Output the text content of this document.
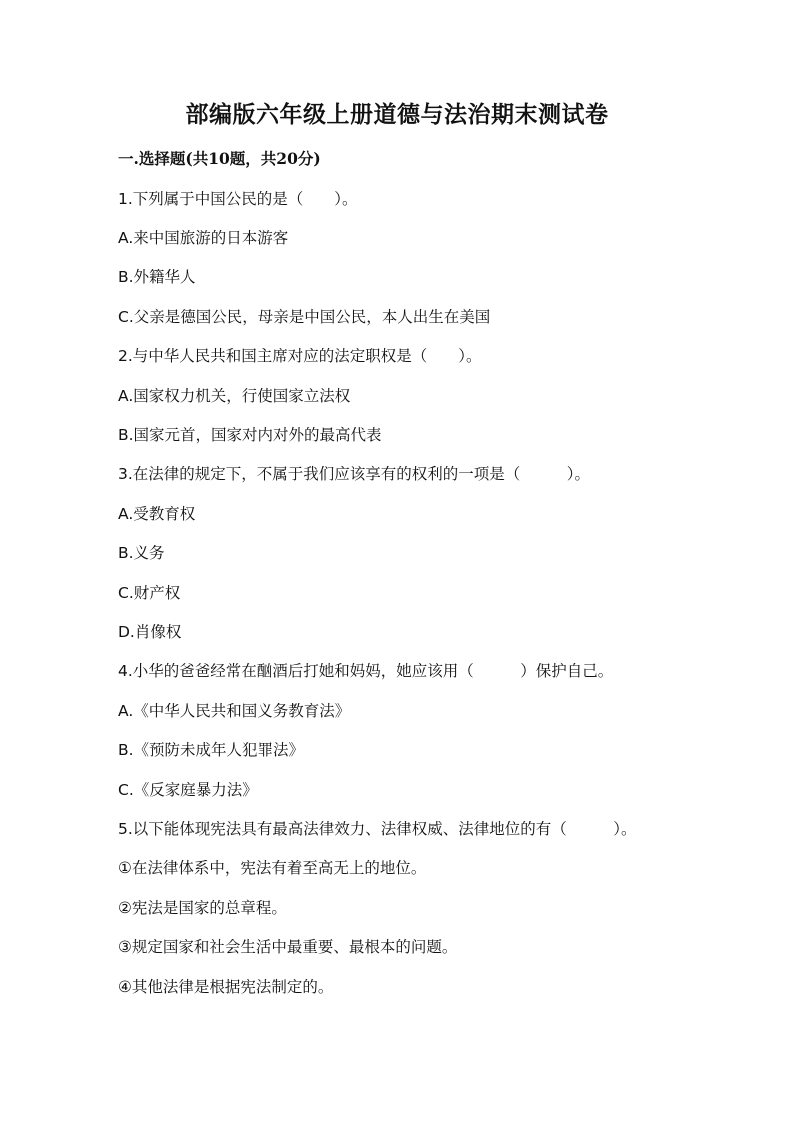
部编版六年级上册道德与法治期末测试卷
一.选择题(共10题，共20分)
1.下列属于中国公民的是（　　）。
A.来中国旅游的日本游客
B.外籍华人
C.父亲是德国公民，母亲是中国公民，本人出生在美国
2.与中华人民共和国主席对应的法定职权是（　　）。
A.国家权力机关，行使国家立法权
B.国家元首，国家对内对外的最高代表
3.在法律的规定下，不属于我们应该享有的权利的一项是（　　　）。
A.受教育权
B.义务
C.财产权
D.肖像权
4.小华的爸爸经常在酗酒后打她和妈妈，她应该用（　　　）保护自己。
A.《中华人民共和国义务教育法》
B.《预防未成年人犯罪法》
C.《反家庭暴力法》
5.以下能体现宪法具有最高法律效力、法律权威、法律地位的有（　　　）。
①在法律体系中，宪法有着至高无上的地位。
②宪法是国家的总章程。
③规定国家和社会生活中最重要、最根本的问题。
④其他法律是根据宪法制定的。
